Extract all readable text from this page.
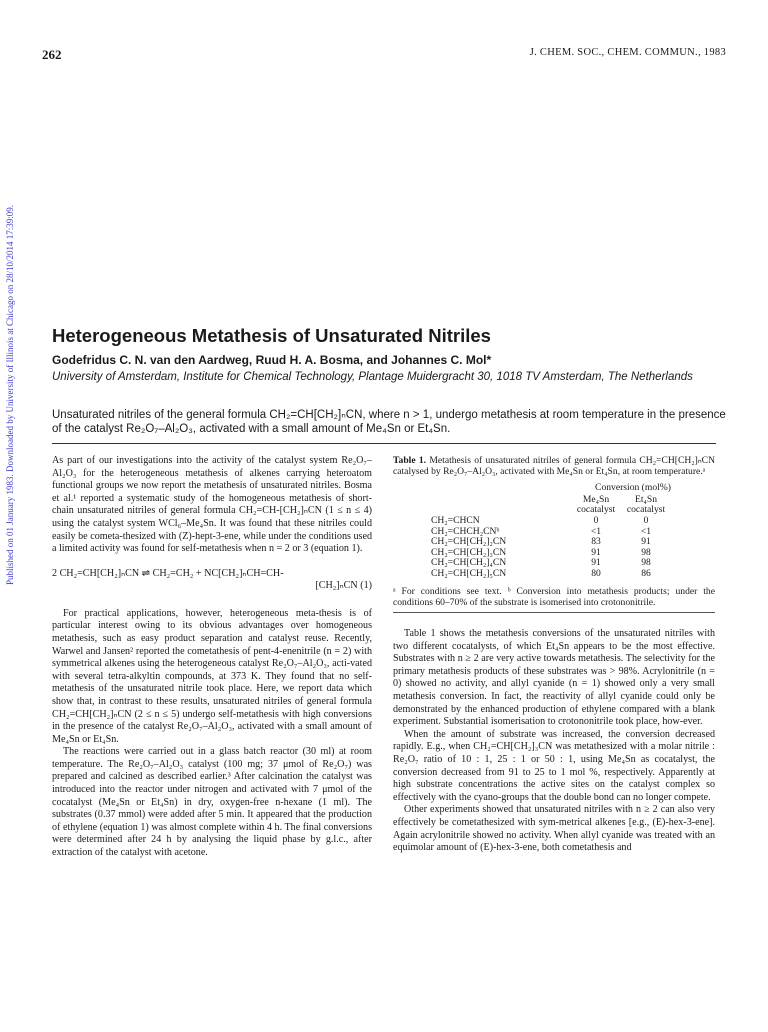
262	J. CHEM. SOC., CHEM. COMMUN., 1983
Published on 01 January 1983. Downloaded by University of Illinois at Chicago on 28/10/2014 17:39:09. Heterogeneous Metathesis of Unsaturated Nitriles
Godefridus C. N. van den Aardweg, Ruud H. A. Bosma, and Johannes C. Mol*
University of Amsterdam, Institute for Chemical Technology, Plantage Muidergracht 30, 1018 TV Amsterdam, The Netherlands
Unsaturated nitriles of the general formula CH₂=CH[CH₂]ₙCN, where n > 1, undergo metathesis at room temperature in the presence of the catalyst Re₂O₇–Al₂O₃, activated with a small amount of Me₄Sn or Et₄Sn.

As part of our investigations into the activity of the catalyst system Re₂O₇–Al₂O₃ for the heterogeneous metathesis of alkenes carrying heteroatom functional groups we now report the metathesis of unsaturated nitriles. Bosma et al.¹ reported a systematic study of the homogeneous metathesis of short-chain unsaturated nitriles of general formula CH₂=CH-[CH₂]ₙCN (1 ≤ n ≤ 4) using the catalyst system WCl₆–Me₄Sn. It was found that these nitriles could easily be cometa-thesized with (Z)-hept-3-ene, while under the conditions used a limited activity was found for self-metathesis when n = 2 or 3 (equation 1).

2 CH₂=CH[CH₂]ₙCN ⇌ CH₂=CH₂ + NC[CH₂]ₙCH=CH-
[CH₂]ₙCN (1)

For practical applications, however, heterogeneous meta-thesis is of particular interest owing to its obvious advantages over homogeneous metathesis, such as easy product separation and catalyst reuse. Recently, Warwel and Jansen² reported the cometathesis of pent-4-enenitrile (n = 2) with symmetrical alkenes using the heterogeneous catalyst Re₂O₇–Al₂O₃, acti-vated with several tetra-alkyltin compounds, at 373 K. They found that no self-metathesis of the unsaturated nitrile took place. Here, we report data which show that, in contrast to these results, unsaturated nitriles of general formula CH₂=CH[CH₂]ₙCN (2 ≤ n ≤ 5) undergo self-metathesis with high conversions in the presence of the catalyst Re₂O₇–Al₂O₃, activated with a small amount of Me₄Sn or Et₄Sn.

The reactions were carried out in a glass batch reactor (30 ml) at room temperature. The Re₂O₇–Al₂O₃ catalyst (100 mg; 37 μmol of Re₂O₇) was prepared and calcined as described earlier.³ After calcination the catalyst was introduced into the reactor under nitrogen and activated with 7 μmol of the cocatalyst (Me₄Sn or Et₄Sn) in dry, oxygen-free n-hexane (1 ml). The substrates (0.37 mmol) were added after 5 min. It appeared that the production of ethylene (equation 1) was almost complete within 4 h. The final conversions were determined after 24 h by analysing the liquid phase by g.l.c., after extraction of the catalyst with acetone.

Table 1. Metathesis of unsaturated nitriles of general formula CH₂=CH[CH₂]ₙCN catalysed by Re₂O₇–Al₂O₃, activated with Me₄Sn or Et₄Sn, at room temperature.ᵃ
Conversion (mol%)
	Me₄Sn	Et₄Sn
	cocatalyst	cocatalyst
CH₂=CHCN	0	0
CH₂=CHCH₂CNᵇ	<1	<1
CH₂=CH[CH₂]₂CN	83	91
CH₂=CH[CH₂]₃CN	91	98
CH₂=CH[CH₂]₄CN	91	98
CH₂=CH[CH₂]₅CN	80	86
ᵃ For conditions see text. ᵇ Conversion into metathesis products; under the conditions 60–70% of the substrate is isomerised into crotononitrile.

Table 1 shows the metathesis conversions of the unsaturated nitriles with two different cocatalysts, of which Et₄Sn appears to be the most effective. Substrates with n ≥ 2 are very active towards metathesis. The selectivity for the primary metathesis products of these substrates was > 98%. Acrylonitrile (n = 0) showed no activity, and allyl cyanide (n = 1) showed only a very small metathesis conversion. In fact, the reactivity of allyl cyanide could only be demonstrated by the enhanced production of ethylene compared with a blank experiment. Substantial isomerisation to crotononitrile took place, how-ever.

When the amount of substrate was increased, the conversion decreased rapidly. E.g., when CH₂=CH[CH₂]₃CN was metathesized with a molar nitrile : Re₂O₇ ratio of 10 : 1, 25 : 1 or 50 : 1, using Me₄Sn as cocatalyst, the conversion decreased from 91 to 25 to 1 mol %, respectively. Apparently at high substrate concentrations the active sites on the catalyst complex so effectively with the cyano-groups that the double bond can no longer compete.

Other experiments showed that unsaturated nitriles with n ≥ 2 can also very effectively be cometathesized with sym-metrical alkenes [e.g., (E)-hex-3-ene]. Again acrylonitrile showed no activity. When allyl cyanide was treated with an equimolar amount of (E)-hex-3-ene, both cometathesis and
